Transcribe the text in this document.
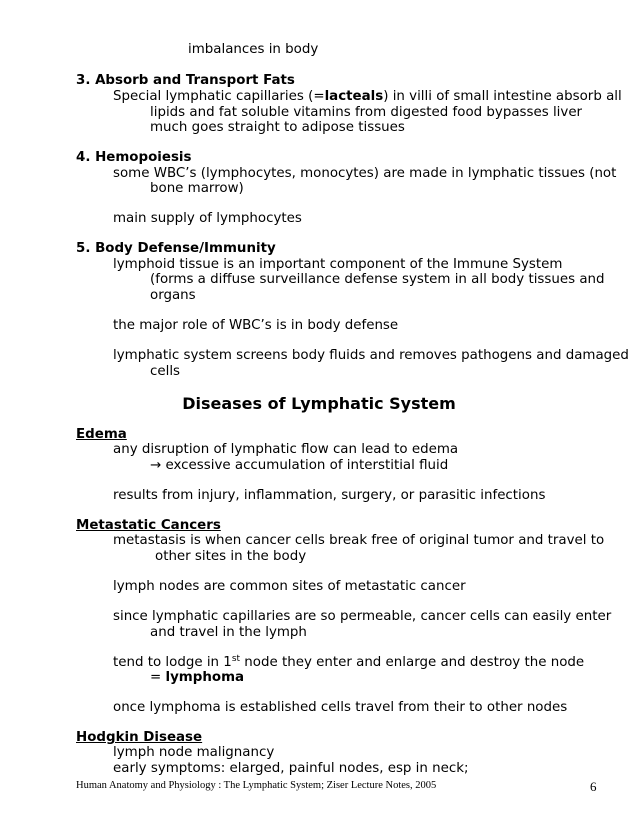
imbalances in body
3. Absorb and Transport Fats
Special lymphatic capillaries (=lacteals) in villi of small intestine absorb all
lipids and fat soluble vitamins from digested food bypasses liver
much goes straight to adipose tissues
4. Hemopoiesis
some WBC’s (lymphocytes, monocytes) are made in lymphatic tissues (not
bone marrow)
main supply of lymphocytes
5. Body Defense/Immunity
lymphoid tissue is an important component of the Immune System
(forms a diffuse surveillance defense system in all body tissues and
organs
the major role of WBC’s is in body defense
lymphatic system screens body fluids and removes pathogens and damaged
cells
Diseases of Lymphatic System
Edema
any disruption of lymphatic flow can lead to edema
→ excessive accumulation of interstitial fluid
results from injury, inflammation, surgery, or parasitic infections
Metastatic Cancers
metastasis is when cancer cells break free of original tumor and travel to
other sites in the body
lymph nodes are common sites of metastatic cancer
since lymphatic capillaries are so permeable, cancer cells can easily enter
and travel in the lymph
tend to lodge in 1st node they enter and enlarge and destroy the node
= lymphoma
once lymphoma is established cells travel from their to other nodes
Hodgkin Disease
lymph node malignancy
early symptoms: elarged, painful nodes, esp in neck;
Human Anatomy and Physiology : The Lymphatic System; Ziser Lecture Notes, 2005	6
